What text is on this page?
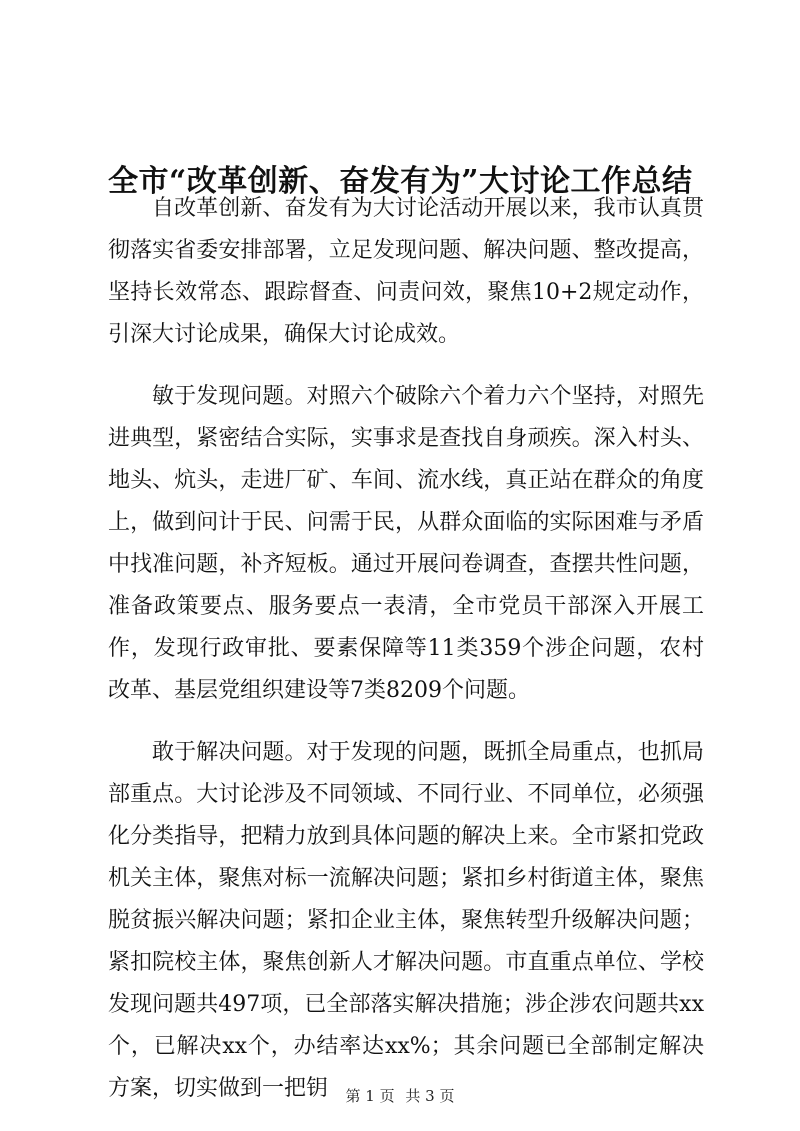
全市“改革创新、奋发有为”大讨论工作总结

自改革创新、奋发有为大讨论活动开展以来，我市认真贯彻落实省委安排部署，立足发现问题、解决问题、整改提高，坚持长效常态、跟踪督查、问责问效，聚焦10+2规定动作，引深大讨论成果，确保大讨论成效。

敏于发现问题。对照六个破除六个着力六个坚持，对照先进典型，紧密结合实际，实事求是查找自身顽疾。深入村头、地头、炕头，走进厂矿、车间、流水线，真正站在群众的角度上，做到问计于民、问需于民，从群众面临的实际困难与矛盾中找准问题，补齐短板。通过开展问卷调查，查摆共性问题，准备政策要点、服务要点一表清，全市党员干部深入开展工作，发现行政审批、要素保障等11类359个涉企问题，农村改革、基层党组织建设等7类8209个问题。

敢于解决问题。对于发现的问题，既抓全局重点，也抓局部重点。大讨论涉及不同领域、不同行业、不同单位，必须强化分类指导，把精力放到具体问题的解决上来。全市紧扣党政机关主体，聚焦对标一流解决问题；紧扣乡村街道主体，聚焦脱贫振兴解决问题；紧扣企业主体，聚焦转型升级解决问题；紧扣院校主体，聚焦创新人才解决问题。市直重点单位、学校发现问题共497项，已全部落实解决措施；涉企涉农问题共xx个，已解决xx个，办结率达xx%；其余问题已全部制定解决方案，切实做到一把钥	第 1 页 共 3 页
